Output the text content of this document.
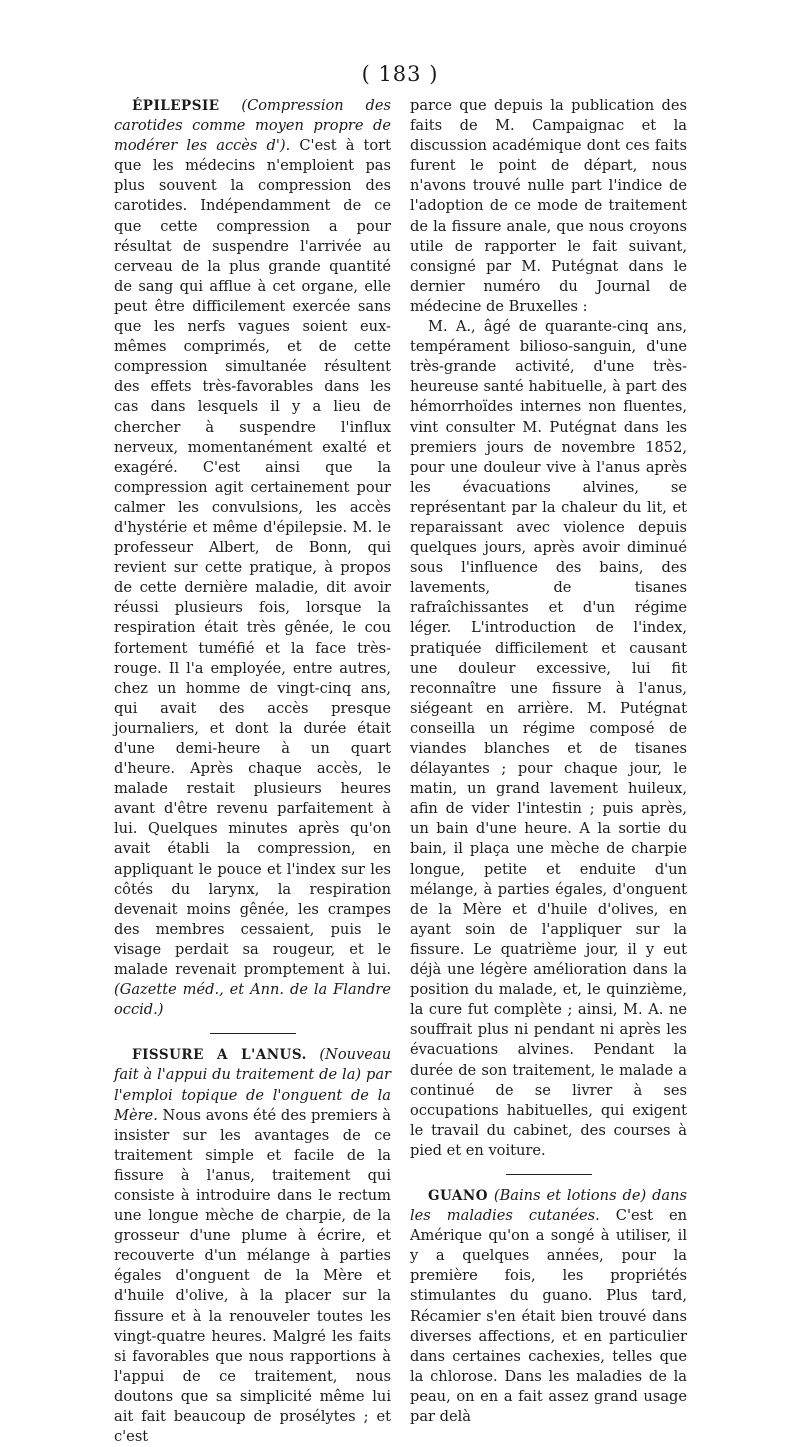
( 183 )

ÉPILEPSIE (Compression des carotides comme moyen propre de modérer les accès d'). C'est à tort que les médecins n'emploient pas plus souvent la compression des carotides. Indépendamment de ce que cette compression a pour résultat de suspendre l'arrivée au cerveau de la plus grande quantité de sang qui afflue à cet organe, elle peut être difficilement exercée sans que les nerfs vagues soient eux-mêmes comprimés, et de cette compression simultanée résultent des effets très-favorables dans les cas dans lesquels il y a lieu de chercher à suspendre l'influx nerveux, momentanément exalté et exagéré. C'est ainsi que la compression agit certainement pour calmer les convulsions, les accès d'hystérie et même d'épilepsie. M. le professeur Albert, de Bonn, qui revient sur cette pratique, à propos de cette dernière maladie, dit avoir réussi plusieurs fois, lorsque la respiration était très gênée, le cou fortement tuméfié et la face très-rouge. Il l'a employée, entre autres, chez un homme de vingt-cinq ans, qui avait des accès presque journaliers, et dont la durée était d'une demi-heure à un quart d'heure. Après chaque accès, le malade restait plusieurs heures avant d'être revenu parfaitement à lui. Quelques minutes après qu'on avait établi la compression, en appliquant le pouce et l'index sur les côtés du larynx, la respiration devenait moins gênée, les crampes des membres cessaient, puis le visage perdait sa rougeur, et le malade revenait promptement à lui. (Gazette méd., et Ann. de la Flandre occid.)

FISSURE A L'ANUS. (Nouveau fait à l'appui du traitement de la) par l'emploi topique de l'onguent de la Mère. Nous avons été des premiers à insister sur les avantages de ce traitement simple et facile de la fissure à l'anus, traitement qui consiste à introduire dans le rectum une longue mèche de charpie, de la grosseur d'une plume à écrire, et recouverte d'un mélange à parties égales d'onguent de la Mère et d'huile d'olive, à la placer sur la fissure et à la renouveler toutes les vingt-quatre heures. Malgré les faits si favorables que nous rapportions à l'appui de ce traitement, nous doutons que sa simplicité même lui ait fait beaucoup de prosélytes ; et c'est

parce que depuis la publication des faits de M. Campaignac et la discussion académique dont ces faits furent le point de départ, nous n'avons trouvé nulle part l'indice de l'adoption de ce mode de traitement de la fissure anale, que nous croyons utile de rapporter le fait suivant, consigné par M. Putégnat dans le dernier numéro du Journal de médecine de Bruxelles :

M. A., âgé de quarante-cinq ans, tempérament bilioso-sanguin, d'une très-grande activité, d'une très-heureuse santé habituelle, à part des hémorrhoïdes internes non fluentes, vint consulter M. Putégnat dans les premiers jours de novembre 1852, pour une douleur vive à l'anus après les évacuations alvines, se représentant par la chaleur du lit, et reparaissant avec violence depuis quelques jours, après avoir diminué sous l'influence des bains, des lavements, de tisanes rafraîchissantes et d'un régime léger. L'introduction de l'index, pratiquée difficilement et causant une douleur excessive, lui fit reconnaître une fissure à l'anus, siégeant en arrière. M. Putégnat conseilla un régime composé de viandes blanches et de tisanes délayantes ; pour chaque jour, le matin, un grand lavement huileux, afin de vider l'intestin ; puis après, un bain d'une heure. A la sortie du bain, il plaça une mèche de charpie longue, petite et enduite d'un mélange, à parties égales, d'onguent de la Mère et d'huile d'olives, en ayant soin de l'appliquer sur la fissure. Le quatrième jour, il y eut déjà une légère amélioration dans la position du malade, et, le quinzième, la cure fut complète ; ainsi, M. A. ne souffrait plus ni pendant ni après les évacuations alvines. Pendant la durée de son traitement, le malade a continué de se livrer à ses occupations habituelles, qui exigent le travail du cabinet, des courses à pied et en voiture.

GUANO (Bains et lotions de) dans les maladies cutanées. C'est en Amérique qu'on a songé à utiliser, il y a quelques années, pour la première fois, les propriétés stimulantes du guano. Plus tard, Récamier s'en était bien trouvé dans diverses affections, et en particulier dans certaines cachexies, telles que la chlorose. Dans les maladies de la peau, on en a fait assez grand usage par delà
